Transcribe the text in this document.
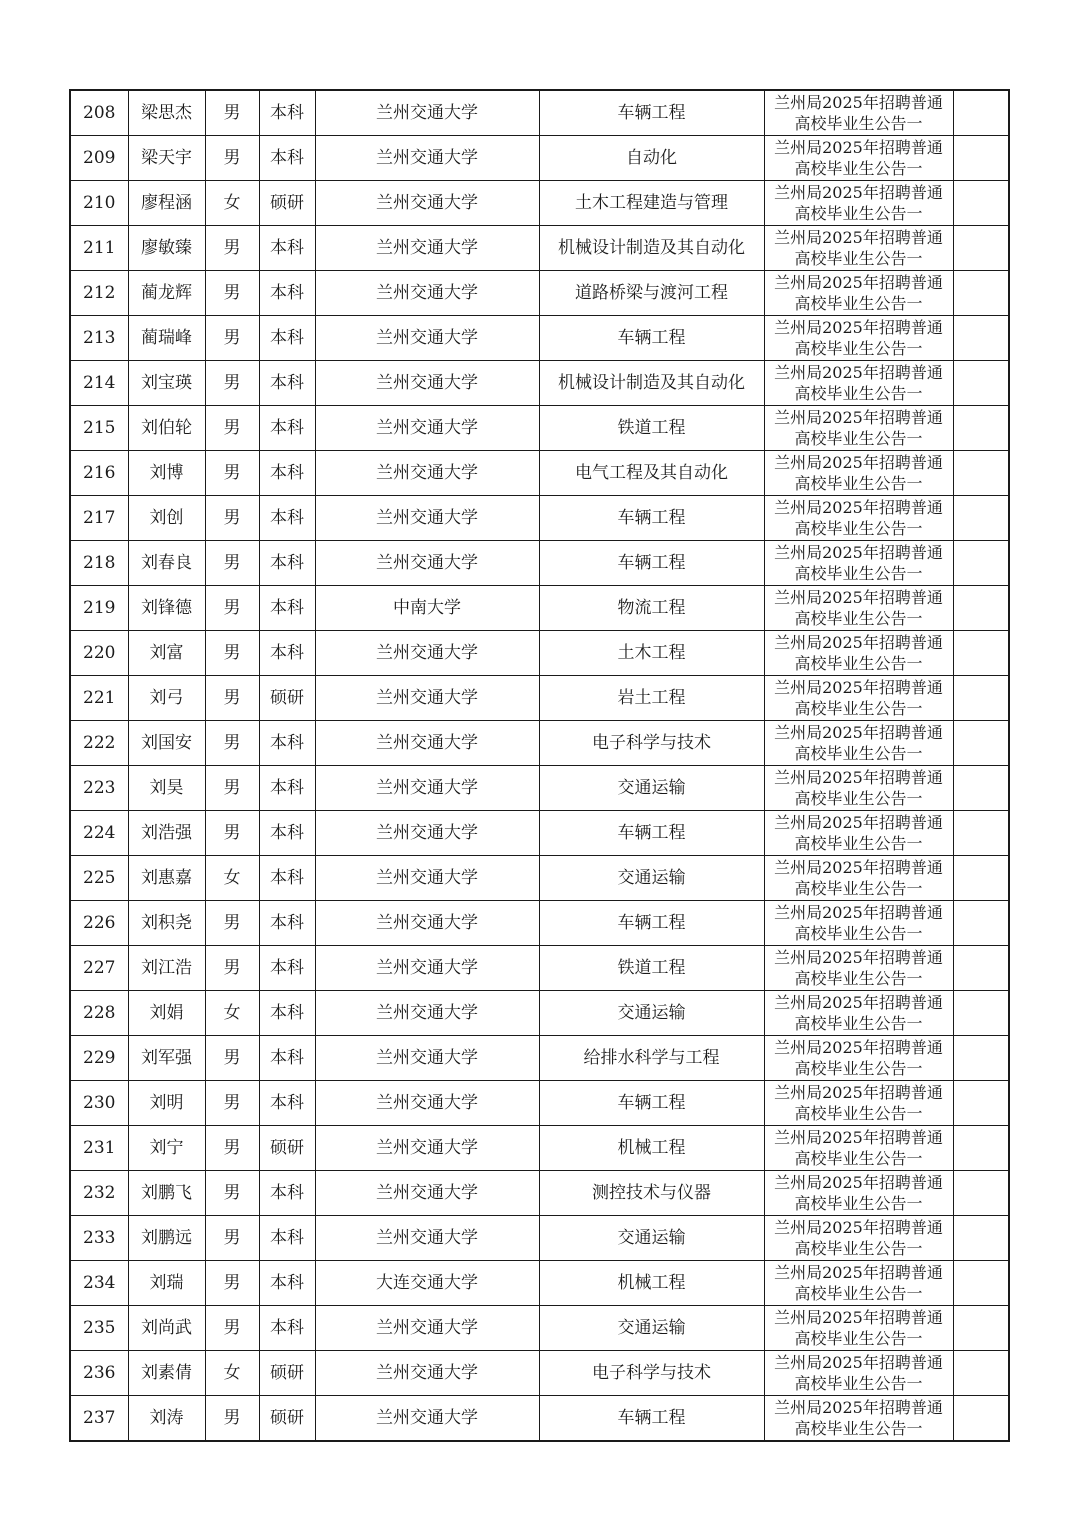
208	梁思杰	男	本科	兰州交通大学	车辆工程	兰州局2025年招聘普通
高校毕业生公告一	

209	梁天宇	男	本科	兰州交通大学	自动化	兰州局2025年招聘普通
高校毕业生公告一	

210	廖程涵	女	硕研	兰州交通大学	土木工程建造与管理	兰州局2025年招聘普通
高校毕业生公告一	

211	廖敏臻	男	本科	兰州交通大学	机械设计制造及其自动化	兰州局2025年招聘普通
高校毕业生公告一	

212	蔺龙辉	男	本科	兰州交通大学	道路桥梁与渡河工程	兰州局2025年招聘普通
高校毕业生公告一	

213	蔺瑞峰	男	本科	兰州交通大学	车辆工程	兰州局2025年招聘普通
高校毕业生公告一	

214	刘宝瑛	男	本科	兰州交通大学	机械设计制造及其自动化	兰州局2025年招聘普通
高校毕业生公告一	

215	刘伯轮	男	本科	兰州交通大学	铁道工程	兰州局2025年招聘普通
高校毕业生公告一	

216	刘博	男	本科	兰州交通大学	电气工程及其自动化	兰州局2025年招聘普通
高校毕业生公告一	

217	刘创	男	本科	兰州交通大学	车辆工程	兰州局2025年招聘普通
高校毕业生公告一	

218	刘春良	男	本科	兰州交通大学	车辆工程	兰州局2025年招聘普通
高校毕业生公告一	

219	刘锋德	男	本科	中南大学	物流工程	兰州局2025年招聘普通
高校毕业生公告一	

220	刘富	男	本科	兰州交通大学	土木工程	兰州局2025年招聘普通
高校毕业生公告一	

221	刘弓	男	硕研	兰州交通大学	岩土工程	兰州局2025年招聘普通
高校毕业生公告一	

222	刘国安	男	本科	兰州交通大学	电子科学与技术	兰州局2025年招聘普通
高校毕业生公告一	

223	刘昊	男	本科	兰州交通大学	交通运输	兰州局2025年招聘普通
高校毕业生公告一	

224	刘浩强	男	本科	兰州交通大学	车辆工程	兰州局2025年招聘普通
高校毕业生公告一	

225	刘惠嘉	女	本科	兰州交通大学	交通运输	兰州局2025年招聘普通
高校毕业生公告一	

226	刘积尧	男	本科	兰州交通大学	车辆工程	兰州局2025年招聘普通
高校毕业生公告一	

227	刘江浩	男	本科	兰州交通大学	铁道工程	兰州局2025年招聘普通
高校毕业生公告一	

228	刘娟	女	本科	兰州交通大学	交通运输	兰州局2025年招聘普通
高校毕业生公告一	

229	刘军强	男	本科	兰州交通大学	给排水科学与工程	兰州局2025年招聘普通
高校毕业生公告一	

230	刘明	男	本科	兰州交通大学	车辆工程	兰州局2025年招聘普通
高校毕业生公告一	

231	刘宁	男	硕研	兰州交通大学	机械工程	兰州局2025年招聘普通
高校毕业生公告一	

232	刘鹏飞	男	本科	兰州交通大学	测控技术与仪器	兰州局2025年招聘普通
高校毕业生公告一	

233	刘鹏远	男	本科	兰州交通大学	交通运输	兰州局2025年招聘普通
高校毕业生公告一	

234	刘瑞	男	本科	大连交通大学	机械工程	兰州局2025年招聘普通
高校毕业生公告一	

235	刘尚武	男	本科	兰州交通大学	交通运输	兰州局2025年招聘普通
高校毕业生公告一	

236	刘素倩	女	硕研	兰州交通大学	电子科学与技术	兰州局2025年招聘普通
高校毕业生公告一	

237	刘涛	男	硕研	兰州交通大学	车辆工程	兰州局2025年招聘普通
高校毕业生公告一	
